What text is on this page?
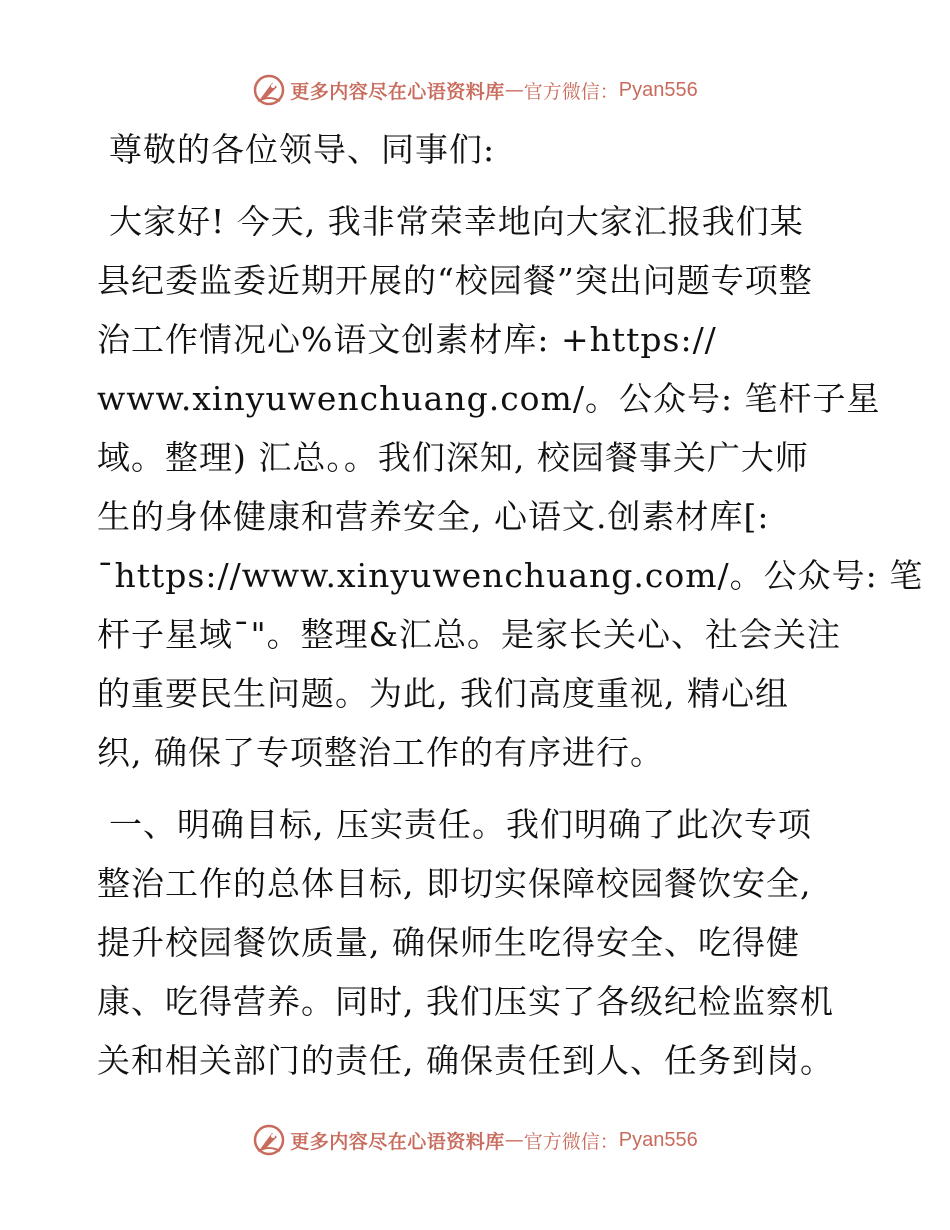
更多内容尽在心语资料库 — 官方微信： Pyan556

尊敬的各位领导、同事们:

大家好! 今天, 我非常荣幸地向大家汇报我们某
县纪委监委近期开展的“校园餐”突出问题专项整
治工作情况心%语文创素材库: +https://
www.xinyuwenchuang.com/。公众号: 笔杆子星
域。整理) 汇总。。我们深知, 校园餐事关广大师
生的身体健康和营养安全, 心语文.创素材库[:
¯https://www.xinyuwenchuang.com/。公众号: 笔
杆子星域¯"。整理&汇总。是家长关心、社会关注
的重要民生问题。为此, 我们高度重视, 精心组
织, 确保了专项整治工作的有序进行。

一、明确目标, 压实责任。我们明确了此次专项
整治工作的总体目标, 即切实保障校园餐饮安全,
提升校园餐饮质量, 确保师生吃得安全、吃得健
康、吃得营养。同时, 我们压实了各级纪检监察机
关和相关部门的责任, 确保责任到人、任务到岗。

更多内容尽在心语资料库 — 官方微信： Pyan556
